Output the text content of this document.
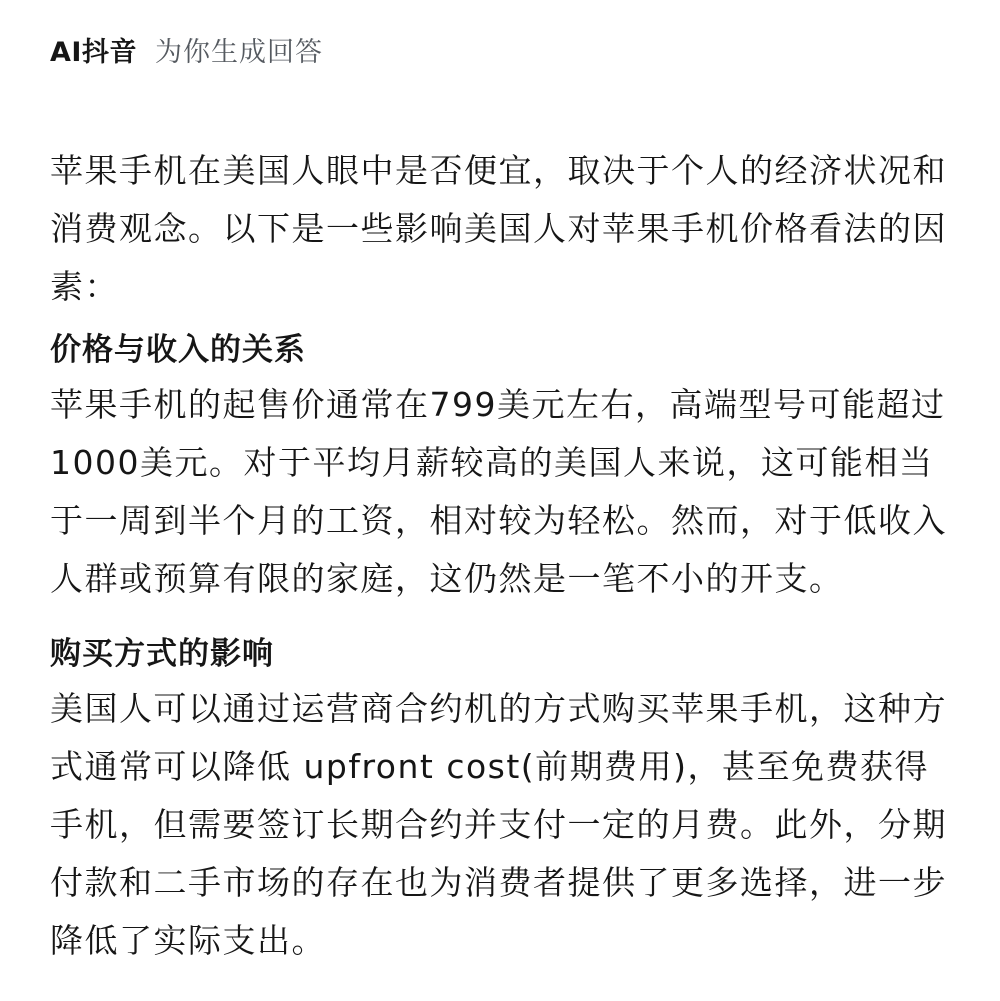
AI抖音 为你生成回答
苹果手机在美国人眼中是否便宜，取决于个人的经济状况和消费观念。以下是一些影响美国人对苹果手机价格看法的因素：
价格与收入的关系
苹果手机的起售价通常在799美元左右，高端型号可能超过1000美元。对于平均月薪较高的美国人来说，这可能相当于一周到半个月的工资，相对较为轻松。然而，对于低收入人群或预算有限的家庭，这仍然是一笔不小的开支。
购买方式的影响
美国人可以通过运营商合约机的方式购买苹果手机，这种方式通常可以降低 upfront cost(前期费用)，甚至免费获得手机，但需要签订长期合约并支付一定的月费。此外，分期付款和二手市场的存在也为消费者提供了更多选择，进一步降低了实际支出。
